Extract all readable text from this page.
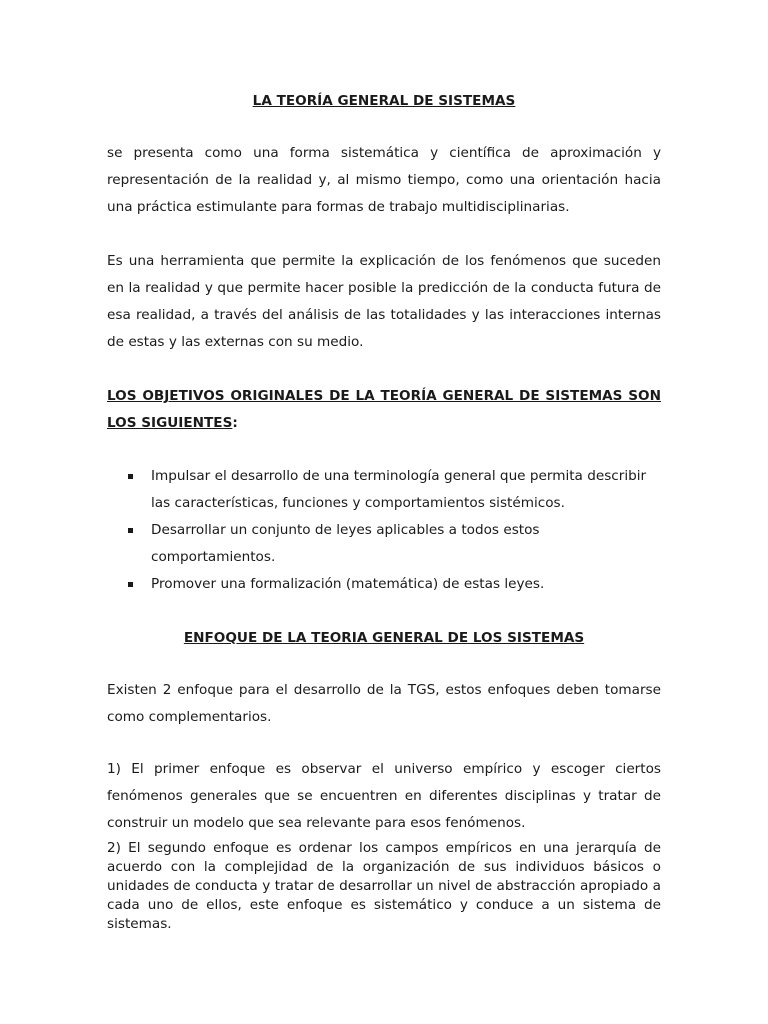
LA TEORÍA GENERAL DE SISTEMAS

se presenta como una forma sistemática y científica de aproximación y representación de la realidad y, al mismo tiempo, como una orientación hacia una práctica estimulante para formas de trabajo multidisciplinarias.

Es una herramienta que permite la explicación de los fenómenos que suceden en la realidad y que permite hacer posible la predicción de la conducta futura de esa realidad, a través del análisis de las totalidades y las interacciones internas de estas y las externas con su medio.

LOS OBJETIVOS ORIGINALES DE LA TEORÍA GENERAL DE SISTEMAS SON LOS SIGUIENTES:

Impulsar el desarrollo de una terminología general que permita describir las características, funciones y comportamientos sistémicos.
Desarrollar un conjunto de leyes aplicables a todos estos comportamientos.
Promover una formalización (matemática) de estas leyes.

ENFOQUE DE LA TEORIA GENERAL DE LOS SISTEMAS

Existen 2 enfoque para el desarrollo de la TGS, estos enfoques deben tomarse como complementarios.

1) El primer enfoque es observar el universo empírico y escoger ciertos fenómenos generales que se encuentren en diferentes disciplinas y tratar de construir un modelo que sea relevante para esos fenómenos.

2) El segundo enfoque es ordenar los campos empíricos en una jerarquía de acuerdo con la complejidad de la organización de sus individuos básicos o unidades de conducta y tratar de desarrollar un nivel de abstracción apropiado a cada uno de ellos, este enfoque es sistemático y conduce a un sistema de sistemas.
